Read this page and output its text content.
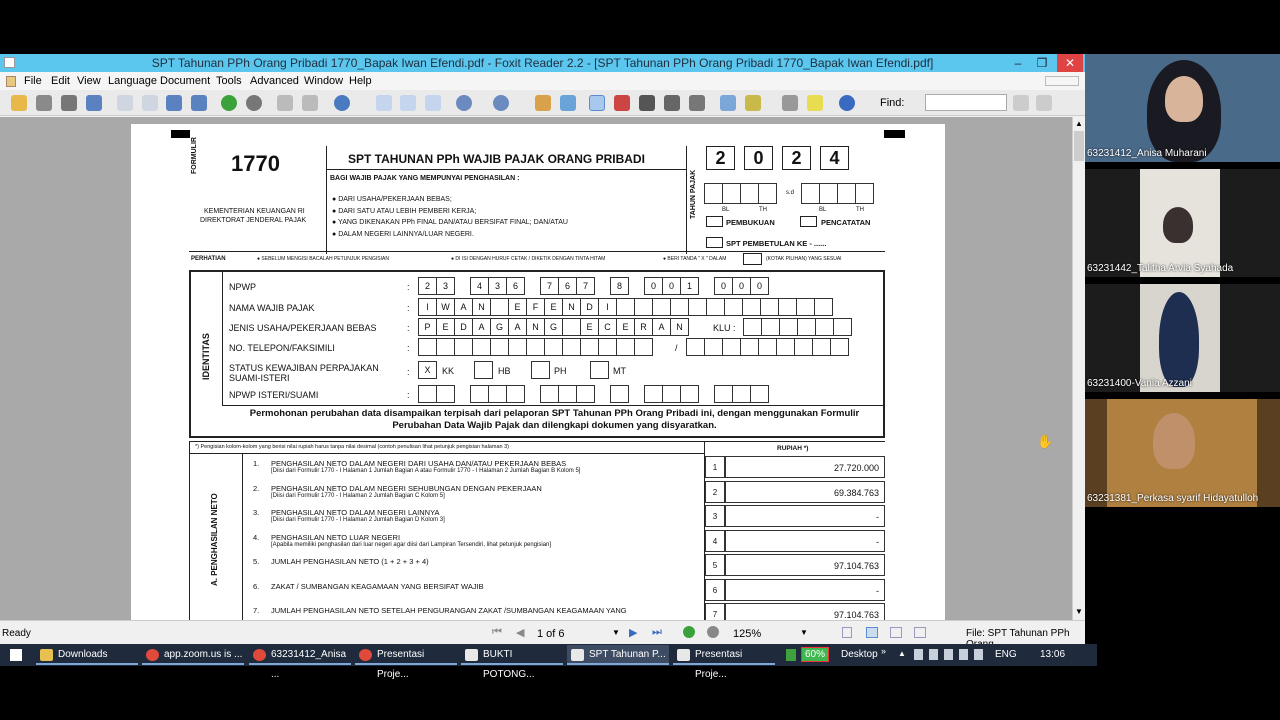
SPT Tahunan PPh Orang Pribadi 1770_Bapak Iwan Efendi.pdf - Foxit Reader 2.2 - [SPT Tahunan PPh Orang Pribadi 1770_Bapak Iwan Efendi.pdf]	–	❐	✕
File Edit View Language Document Tools Advanced Window Help
Find:
FORMULIR 1770
KEMENTERIAN KEUANGAN RI
DIREKTORAT JENDERAL PAJAK
SPT TAHUNAN PPh WAJIB PAJAK ORANG PRIBADI
BAGI WAJIB PAJAK YANG MEMPUNYAI PENGHASILAN :
● DARI USAHA/PEKERJAAN BEBAS;
● DARI SATU ATAU LEBIH PEMBERI KERJA;
● YANG DIKENAKAN PPh FINAL DAN/ATAU BERSIFAT FINAL; DAN/ATAU
● DALAM NEGERI LAINNYA/LUAR NEGERI.
TAHUN PAJAK
2	0	2	4
s.d
BL	TH	BL	TH
PEMBUKUAN	PENCATATAN
SPT PEMBETULAN KE - ......
PERHATIAN	● SEBELUM MENGISI BACALAH PETUNJUK PENGISIAN	● DI ISI DENGAN HURUF CETAK / DIKETIK DENGAN TINTA HITAM	● BERI TANDA " X " DALAM	(KOTAK PILIHAN) YANG SESUAI
IDENTITAS
NPWP	:	2	3	4	3	6	7	6	7	8	0	0	1	0	0	0
NAMA WAJIB PAJAK	:	I	W	A	N	E	F	E	N	D	I
JENIS USAHA/PEKERJAAN BEBAS	:	P	E	D	A	G	A	N	G	E	C	E	R	A	N	KLU :
NO. TELEPON/FAKSIMILI	:	/
STATUS KEWAJIBAN PERPAJAKAN
SUAMI-ISTERI
:	X	KK	HB	PH	MT
NPWP ISTERI/SUAMI	:
Permohonan perubahan data disampaikan terpisah dari pelaporan SPT Tahunan PPh Orang Pribadi ini, dengan menggunakan Formulir Perubahan Data Wajib Pajak dan dilengkapi dokumen yang disyaratkan.
*) Pengisian kolom-kolom yang berisi nilai rupiah harus tanpa nilai desimal (contoh penulisan lihat petunjuk pengisian halaman 3)	RUPIAH *)
A. PENGHASILAN NETO
1. PENGHASILAN NETO DALAM NEGERI DARI USAHA DAN/ATAU PEKERJAAN BEBAS
[Diisi dari Formulir 1770 - I Halaman 1 Jumlah Bagian A atau Formulir 1770 - I Halaman 2 Jumlah Bagian B Kolom 5]	1	27.720.000
2. PENGHASILAN NETO DALAM NEGERI SEHUBUNGAN DENGAN PEKERJAAN
[Diisi dari Formulir 1770 - I Halaman 2 Jumlah Bagian C Kolom 5]	2	69.384.763
3. PENGHASILAN NETO DALAM NEGERI LAINNYA
[Diisi dari Formulir 1770 - I Halaman 2 Jumlah Bagian D Kolom 3]	3	-
4. PENGHASILAN NETO LUAR NEGERI
[Apabila memiliki penghasilan dari luar negeri agar diisi dari Lampiran Tersendiri, lihat petunjuk pengisian]	4	-
5. JUMLAH PENGHASILAN NETO (1 + 2 + 3 + 4)	5	97.104.763
6. ZAKAT / SUMBANGAN KEAGAMAAN YANG BERSIFAT WAJIB	6	-
7. JUMLAH PENGHASILAN NETO SETELAH PENGURANGAN ZAKAT /SUMBANGAN KEAGAMAAN YANG	7	97.104.763
▲
▼
Ready	⏮ ◀ 1 of 6	▼ ▶ ⏭	125%	▼	File: SPT Tahunan PPh
✋
Downloads	app.zoom.us is ...	63231412_Anisa ...
Presentasi Proje...
BUKTI POTONG...
SPT Tahunan P...	Presentasi Proje...
60%	Desktop » ▲	ENG 13:06
63231412_Anisa Muharani
63231442_Talitha Arvia Syahada
63231400-Vania Azzani
63231381_Perkasa syarif Hidayatulloh
